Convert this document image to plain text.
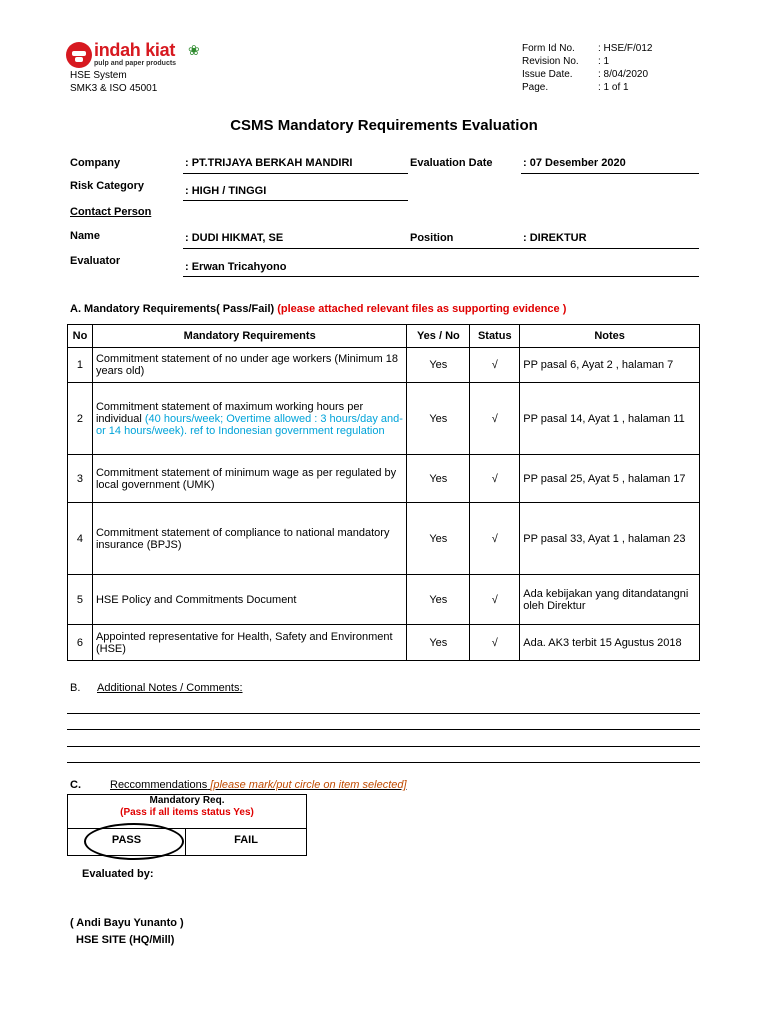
indah kiat ❀
pulp and paper products
HSE System
SMK3 & ISO 45001
Form Id No.	: HSE/F/012
Revision No.	: 1
Issue Date.	: 8/04/2020
Page.	: 1 of 1
CSMS Mandatory Requirements Evaluation
Company	: PT.TRIJAYA BERKAH MANDIRI	Evaluation Date	: 07 Desember 2020
Risk Category	: HIGH / TINGGI
Contact Person
Name	: DUDI HIKMAT, SE	Position	: DIREKTUR
Evaluator	: Erwan Tricahyono
A. Mandatory Requirements( Pass/Fail) (please attached relevant files as supporting evidence )
No	Mandatory Requirements	Yes / No	Status	Notes
1	Commitment statement of no under age workers (Minimum 18 years old)	Yes	√	PP pasal 6, Ayat 2 , halaman 7
2	Commitment statement of maximum working hours per individual (40 hours/week; Overtime allowed : 3 hours/day and-or 14 hours/week). ref to Indonesian government regulation	Yes	√	PP pasal 14, Ayat 1 , halaman 11
3	Commitment statement of minimum wage as per regulated by local government (UMK)	Yes	√	PP pasal 25, Ayat 5 , halaman 17
4	Commitment statement of compliance to national mandatory insurance (BPJS)	Yes	√	PP pasal 33, Ayat 1 , halaman 23
5	HSE Policy and Commitments Document	Yes	√	Ada kebijakan yang ditandatangni oleh Direktur
6	Appointed representative for Health, Safety and Environment (HSE)	Yes	√	Ada. AK3 terbit 15 Agustus 2018
B. Additional Notes / Comments:
C.	Reccommendations [please mark/put circle on item selected]
Mandatory Req.
(Pass if all items status Yes)
PASS	FAIL
Evaluated by:
( Andi Bayu Yunanto )
HSE SITE (HQ/Mill)
